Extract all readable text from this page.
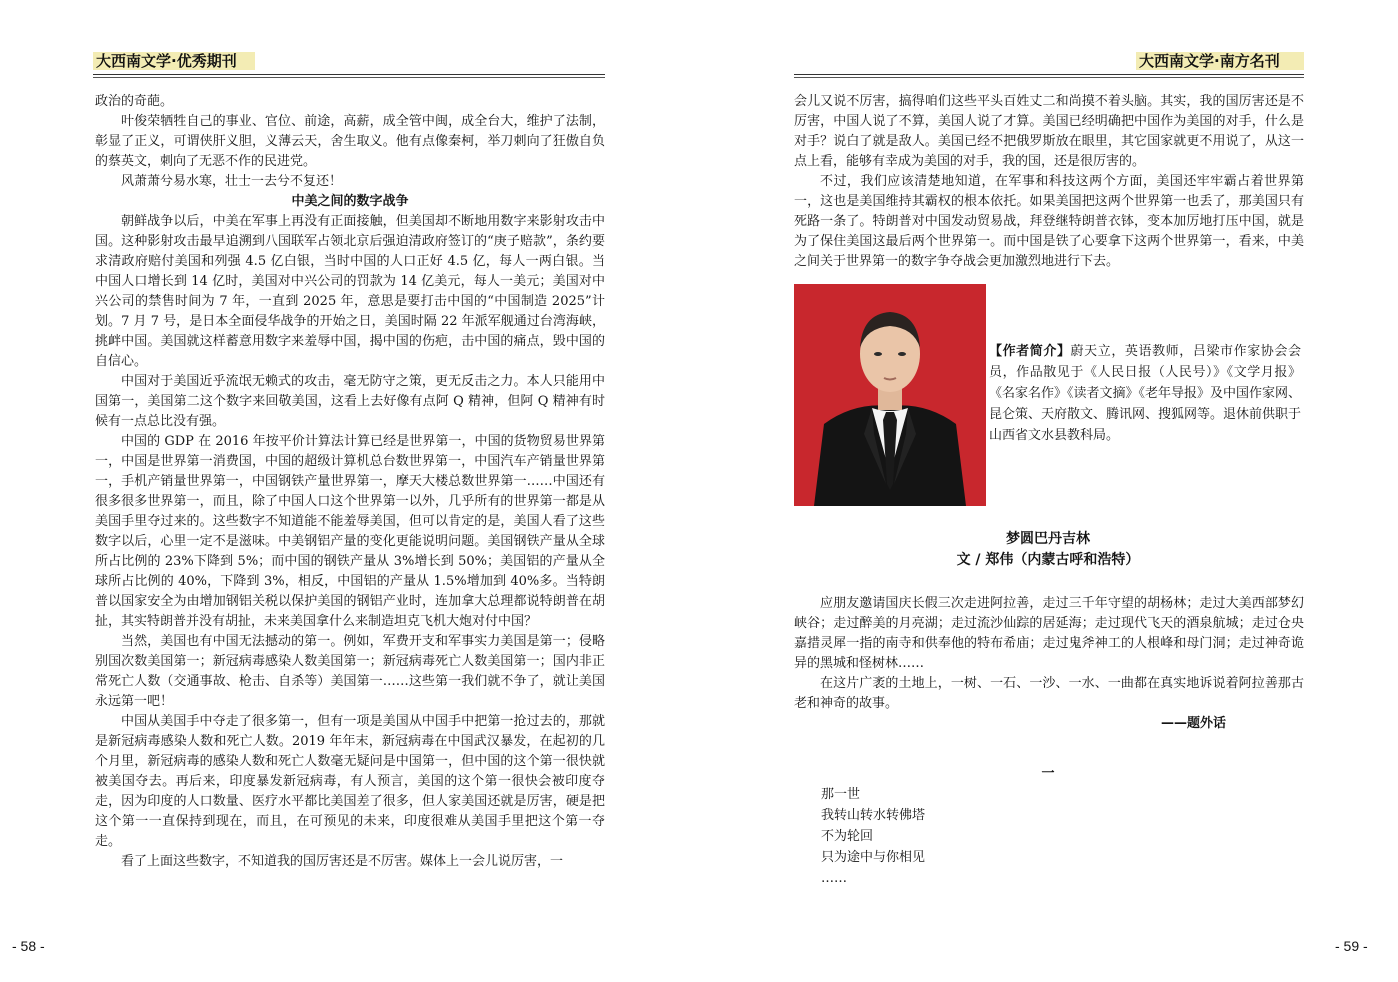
大西南文学·优秀期刊

政治的奇葩。

叶俊荣牺牲自己的事业、官位、前途，高薪，成全管中闽，成全台大，维护了法制，彰显了正义，可谓侠肝义胆，义薄云天，舍生取义。他有点像秦柯，举刀刺向了狂傲自负的蔡英文，刺向了无恶不作的民进党。

风萧萧兮易水寒，壮士一去兮不复还！

中美之间的数字战争

朝鲜战争以后，中美在军事上再没有正面接触，但美国却不断地用数字来影射攻击中国。这种影射攻击最早追溯到八国联军占领北京后强迫清政府签订的“庚子赔款”，条约要求清政府赔付美国和列强 4.5 亿白银，当时中国的人口正好 4.5 亿，每人一两白银。当中国人口增长到 14 亿时，美国对中兴公司的罚款为 14 亿美元，每人一美元；美国对中兴公司的禁售时间为 7 年，一直到 2025 年，意思是要打击中国的“中国制造 2025”计划。7 月 7 号，是日本全面侵华战争的开始之日，美国时隔 22 年派军舰通过台湾海峡，挑衅中国。美国就这样蓄意用数字来羞辱中国，揭中国的伤疤，击中国的痛点，毁中国的自信心。

中国对于美国近乎流氓无赖式的攻击，毫无防守之策，更无反击之力。本人只能用中国第一，美国第二这个数字来回敬美国，这看上去好像有点阿 Q 精神，但阿 Q 精神有时候有一点总比没有强。

中国的 GDP 在 2016 年按平价计算法计算已经是世界第一，中国的货物贸易世界第一，中国是世界第一消费国，中国的超级计算机总台数世界第一，中国汽车产销量世界第一，手机产销量世界第一，中国钢铁产量世界第一，摩天大楼总数世界第一……中国还有很多很多世界第一，而且，除了中国人口这个世界第一以外，几乎所有的世界第一都是从美国手里夺过来的。这些数字不知道能不能羞辱美国，但可以肯定的是，美国人看了这些数字以后，心里一定不是滋味。中美钢铝产量的变化更能说明问题。美国钢铁产量从全球所占比例的 23%下降到 5%；而中国的钢铁产量从 3%增长到 50%；美国铝的产量从全球所占比例的 40%，下降到 3%，相反，中国铝的产量从 1.5%增加到 40%多。当特朗普以国家安全为由增加钢铝关税以保护美国的钢铝产业时，连加拿大总理都说特朗普在胡扯，其实特朗普并没有胡扯，未来美国拿什么来制造坦克飞机大炮对付中国？

当然，美国也有中国无法撼动的第一。例如，军费开支和军事实力美国是第一；侵略别国次数美国第一；新冠病毒感染人数美国第一；新冠病毒死亡人数美国第一；国内非正常死亡人数（交通事故、枪击、自杀等）美国第一……这些第一我们就不争了，就让美国永远第一吧！

中国从美国手中夺走了很多第一，但有一项是美国从中国手中把第一抢过去的，那就是新冠病毒感染人数和死亡人数。2019 年年末，新冠病毒在中国武汉暴发，在起初的几个月里，新冠病毒的感染人数和死亡人数毫无疑问是中国第一，但中国的这个第一很快就被美国夺去。再后来，印度暴发新冠病毒，有人预言，美国的这个第一很快会被印度夺走，因为印度的人口数量、医疗水平都比美国差了很多，但人家美国还就是厉害，硬是把这个第一一直保持到现在，而且，在可预见的未来，印度很难从美国手里把这个第一夺走。

看了上面这些数字，不知道我的国厉害还是不厉害。媒体上一会儿说厉害，一

- 58 -
大西南文学·南方名刊

会儿又说不厉害，搞得咱们这些平头百姓丈二和尚摸不着头脑。其实，我的国厉害还是不厉害，中国人说了不算，美国人说了才算。美国已经明确把中国作为美国的对手，什么是对手？说白了就是敌人。美国已经不把俄罗斯放在眼里，其它国家就更不用说了，从这一点上看，能够有幸成为美国的对手，我的国，还是很厉害的。

不过，我们应该清楚地知道，在军事和科技这两个方面，美国还牢牢霸占着世界第一，这也是美国维持其霸权的根本依托。如果美国把这两个世界第一也丢了，那美国只有死路一条了。特朗普对中国发动贸易战，拜登继特朗普衣钵，变本加厉地打压中国，就是为了保住美国这最后两个世界第一。而中国是铁了心要拿下这两个世界第一，看来，中美之间关于世界第一的数字争夺战会更加激烈地进行下去。

【作者简介】蔚天立，英语教师，吕梁市作家协会会员，作品散见于《人民日报（人民号）》《文学月报》《名家名作》《读者文摘》《老年导报》及中国作家网、昆仑策、天府散文、腾讯网、搜狐网等。退休前供职于山西省文水县教科局。
梦圆巴丹吉林
文 / 郑伟（内蒙古呼和浩特）

应朋友邀请国庆长假三次走进阿拉善，走过三千年守望的胡杨林；走过大美西部梦幻峡谷；走过醉美的月亮湖；走过流沙仙踪的居延海；走过现代飞天的酒泉航城；走过仓央嘉措灵犀一指的南寺和供奉他的特布希庙；走过鬼斧神工的人根峰和母门洞；走过神奇诡异的黑城和怪树林……

在这片广袤的土地上，一树、一石、一沙、一水、一曲都在真实地诉说着阿拉善那古老和神奇的故事。

——题外话

一
那一世
我转山转水转佛塔
不为轮回
只为途中与你相见
……
- 59 -
